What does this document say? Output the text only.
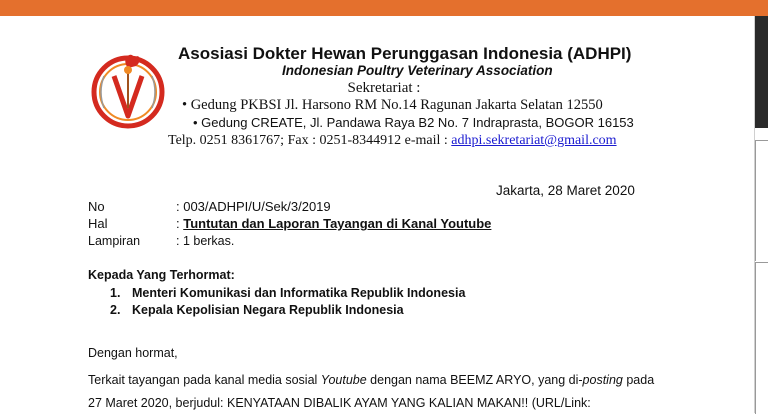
Asosiasi Dokter Hewan Perunggasan Indonesia (ADHPI)
Indonesian Poultry Veterinary Association
Sekretariat :
• Gedung PKBSI Jl. Harsono RM No.14 Ragunan Jakarta Selatan 12550
• Gedung CREATE, Jl. Pandawa Raya B2 No. 7 Indraprasta, BOGOR 16153
Telp. 0251 8361767; Fax : 0251-8344912 e-mail : adhpi.sekretariat@gmail.com
Jakarta, 28 Maret 2020
No	: 003/ADHPI/U/Sek/3/2019
Hal	: Tuntutan dan Laporan Tayangan di Kanal Youtube
Lampiran	: 1 berkas.
Kepada Yang Terhormat:
1. Menteri Komunikasi dan Informatika Republik Indonesia
2. Kepala Kepolisian Negara Republik Indonesia
Dengan hormat,
Terkait tayangan pada kanal media sosial Youtube dengan nama BEEMZ ARYO, yang di-posting pada
27 Maret 2020, berjudul: KENYATAAN DIBALIK AYAM YANG KALIAN MAKAN!! (URL/Link:
